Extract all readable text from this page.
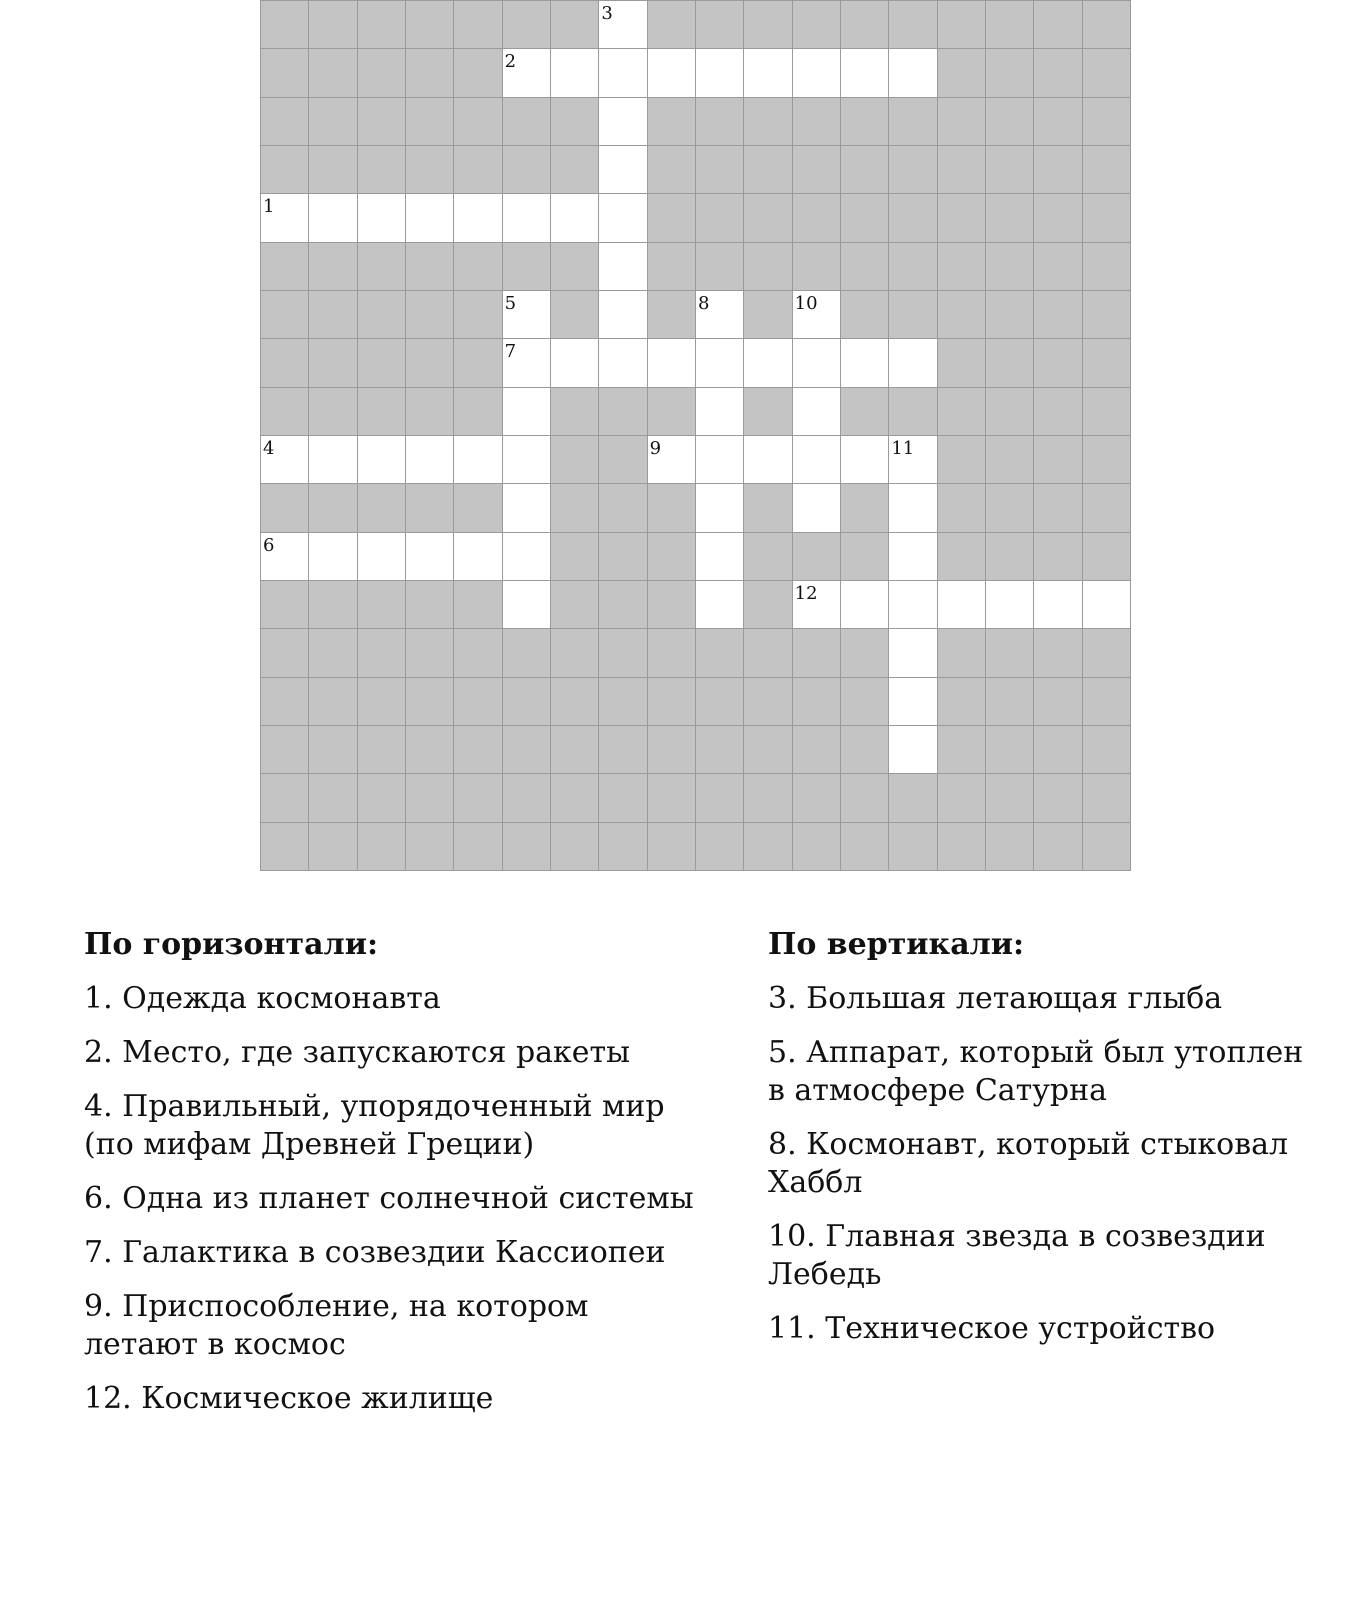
3
2
1
5	8	10
7
4	9	11
6
12
По горизонтали:
1. Одежда космонавта
2. Место, где запускаются ракеты
4. Правильный, упорядоченный мир (по мифам Древней Греции)
6. Одна из планет солнечной системы
7. Галактика в созвездии Кассиопеи
9. Приспособление, на котором летают в космос
12. Космическое жилище
По вертикали:
3. Большая летающая глыба
5. Аппарат, который был утоплен в атмосфере Сатурна
8. Космонавт, который стыковал Хаббл
10. Главная звезда в созвездии Лебедь
11. Техническое устройство
